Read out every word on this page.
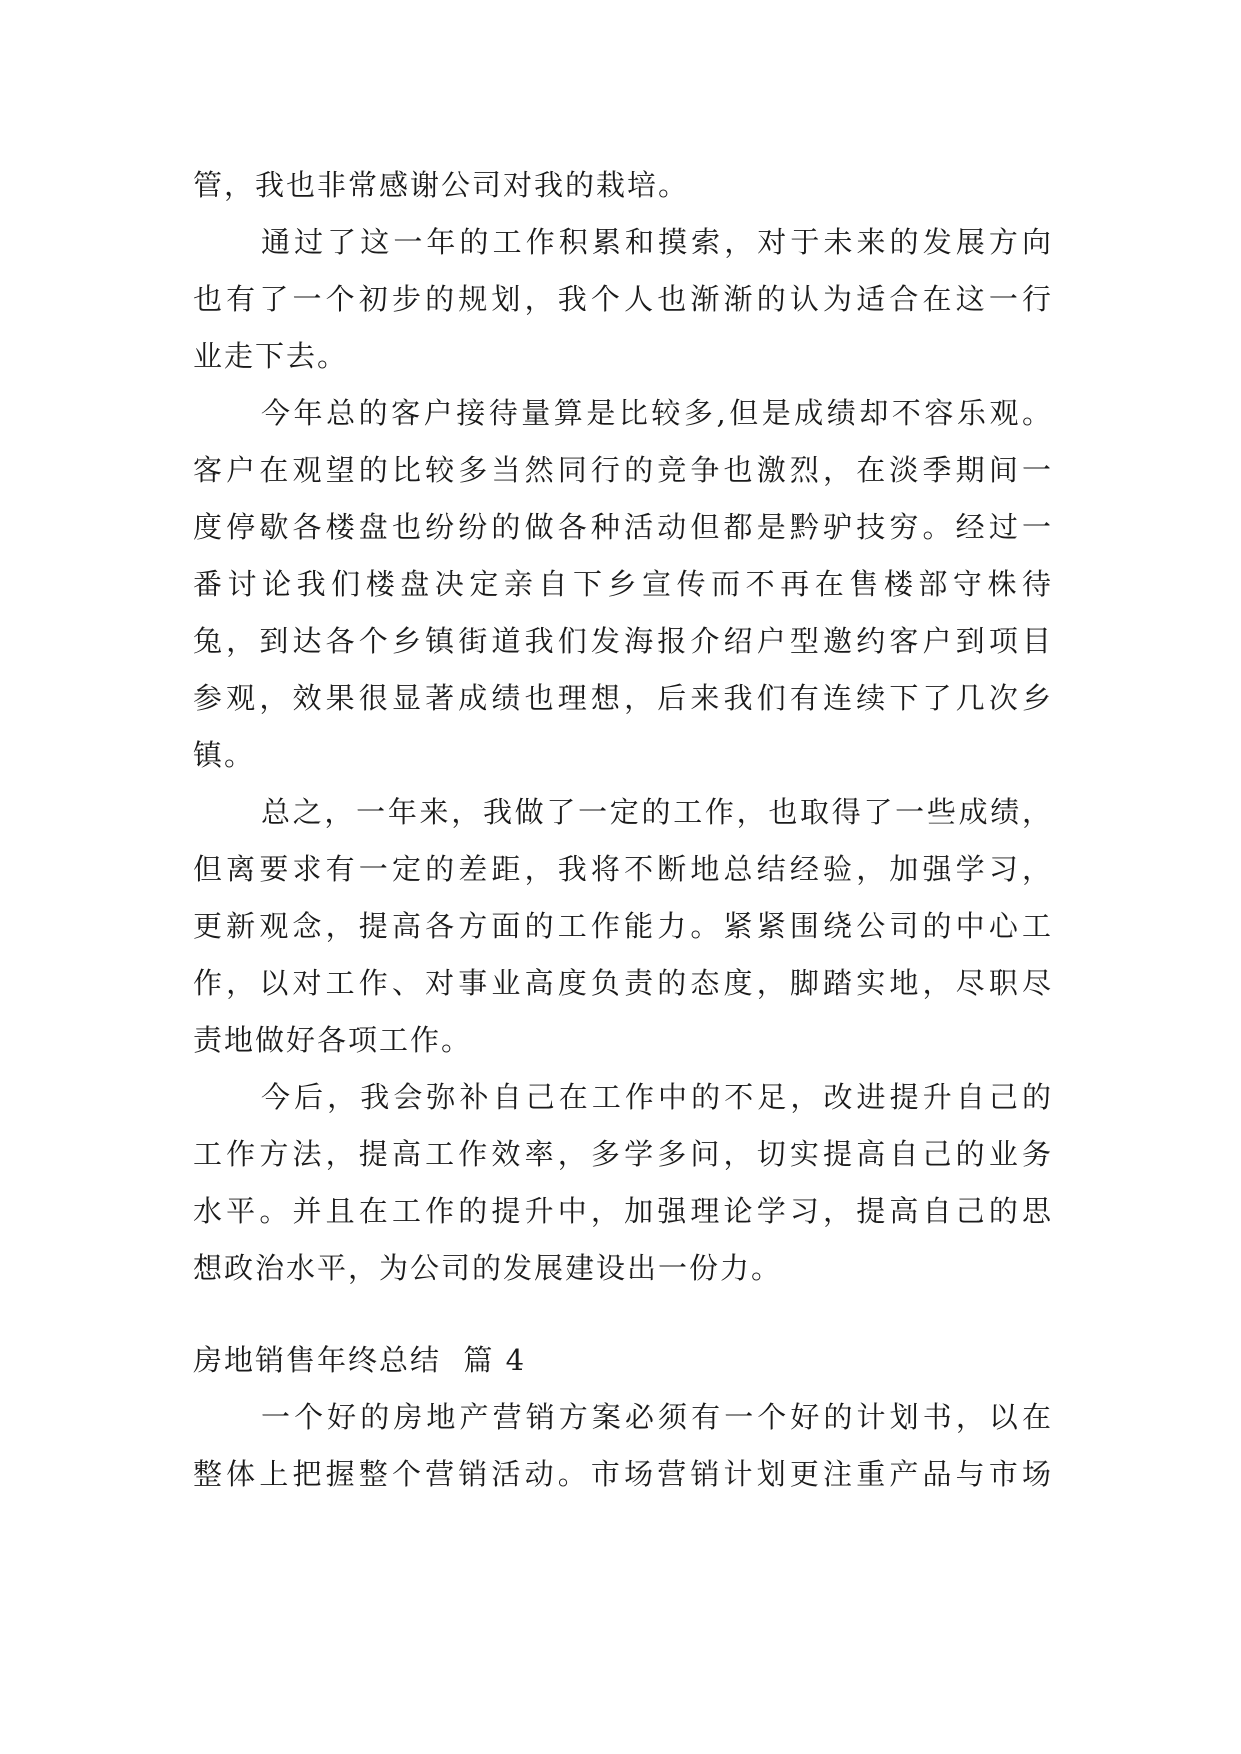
管，我也非常感谢公司对我的栽培。
通过了这一年的工作积累和摸索，对于未来的发展方向
也有了一个初步的规划，我个人也渐渐的认为适合在这一行
业走下去。
今年总的客户接待量算是比较多,但是成绩却不容乐观。
客户在观望的比较多当然同行的竞争也激烈，在淡季期间一
度停歇各楼盘也纷纷的做各种活动但都是黔驴技穷。经过一
番讨论我们楼盘决定亲自下乡宣传而不再在售楼部守株待
兔，到达各个乡镇街道我们发海报介绍户型邀约客户到项目
参观，效果很显著成绩也理想，后来我们有连续下了几次乡
镇。
总之，一年来，我做了一定的工作，也取得了一些成绩，
但离要求有一定的差距，我将不断地总结经验，加强学习，
更新观念，提高各方面的工作能力。紧紧围绕公司的中心工
作，以对工作、对事业高度负责的态度，脚踏实地，尽职尽
责地做好各项工作。
今后，我会弥补自己在工作中的不足，改进提升自己的
工作方法，提高工作效率，多学多问，切实提高自己的业务
水平。并且在工作的提升中，加强理论学习，提高自己的思
想政治水平，为公司的发展建设出一份力。
房地销售年终总结  篇 4
一个好的房地产营销方案必须有一个好的计划书，以在
整体上把握整个营销活动。市场营销计划更注重产品与市场
